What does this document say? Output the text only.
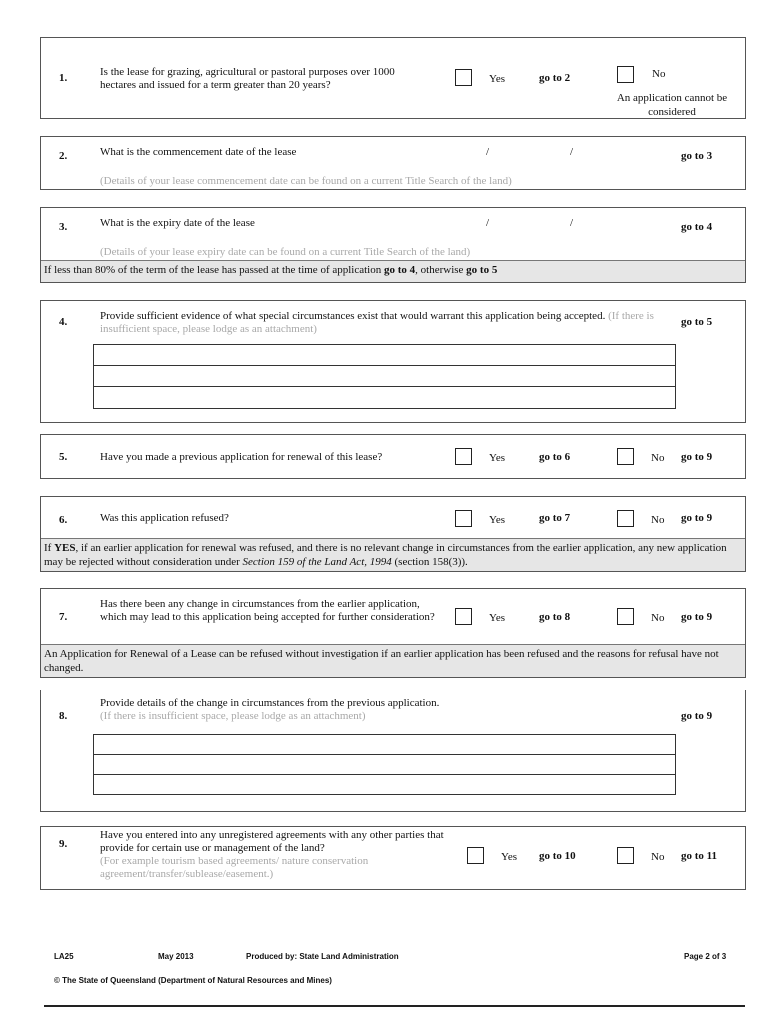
1.	Is the lease for grazing, agricultural or pastoral purposes over 1000 hectares and issued for a term greater than 20 years?	Yes	go to 2	No
An application cannot be considered
2.	What is the commencement date of the lease	/	/	go to 3
(Details of your lease commencement date can be found on a current Title Search of the land)
3.	What is the expiry date of the lease	/	/	go to 4
(Details of your lease expiry date can be found on a current Title Search of the land)
If less than 80% of the term of the lease has passed at the time of application go to 4, otherwise go to 5
4.	Provide sufficient evidence of what special circumstances exist that would warrant this application being accepted. (If there is insufficient space, please lodge as an attachment)
go to 5
5.	Have you made a previous application for renewal of this lease?	Yes	go to 6	No go to 9
6.	Was this application refused?	Yes	go to 7	No go to 9
If YES, if an earlier application for renewal was refused, and there is no relevant change in circumstances from the earlier application, any new application may be rejected without consideration under Section 159 of the Land Act, 1994 (section 158(3)).
7.
Has there been any change in circumstances from the earlier application, which may lead to this application being accepted for further consideration?	Yes	go to 8	No go to 9
An Application for Renewal of a Lease can be refused without investigation if an earlier application has been refused and the reasons for refusal have not changed.
8.
Provide details of the change in circumstances from the previous application.
(If there is insufficient space, please lodge as an attachment)	go to 9
9.
Have you entered into any unregistered agreements with any other parties that provide for certain use or management of the land?
(For example tourism based agreements/ nature conservation agreement/transfer/sublease/easement.)
Yes go to 10	No go to 11
LA25	May 2013	Produced by: State Land Administration	Page 2 of 3
© The State of Queensland (Department of Natural Resources and Mines)
